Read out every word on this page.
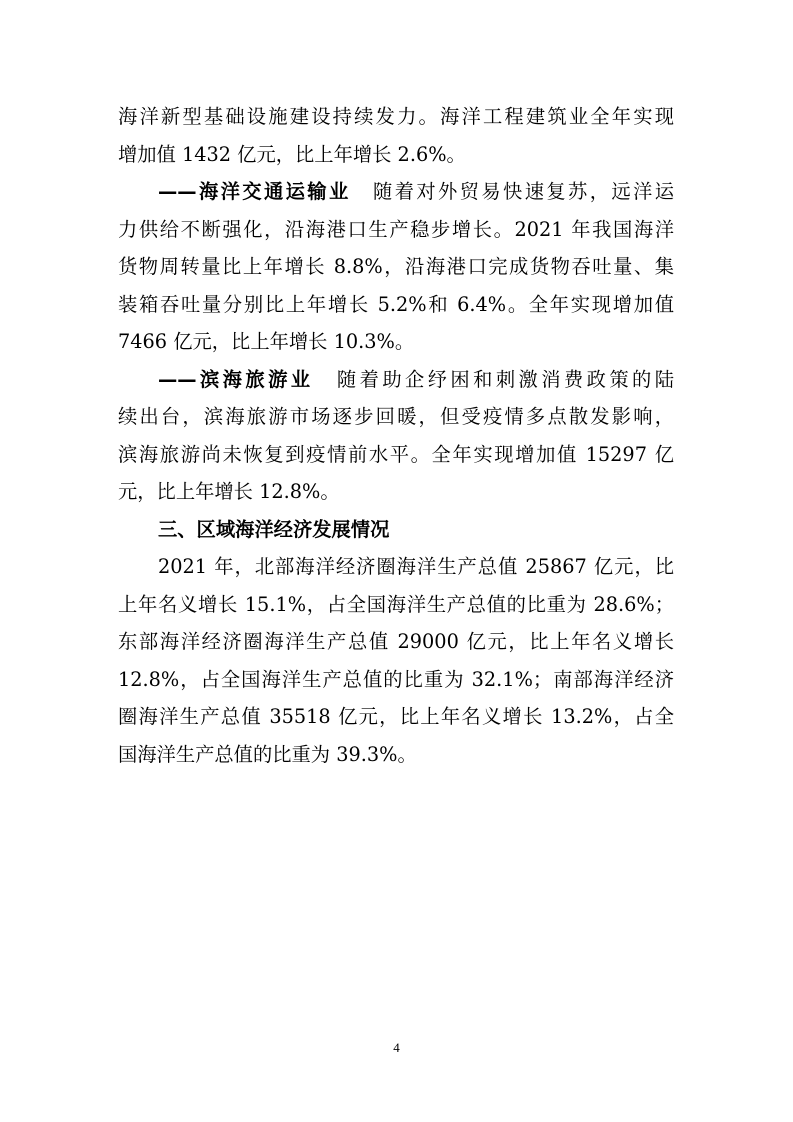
海洋新型基础设施建设持续发力。海洋工程建筑业全年实现
增加值 1432 亿元，比上年增长 2.6%。
——海洋交通运输业 随着对外贸易快速复苏，远洋运
力供给不断强化，沿海港口生产稳步增长。2021 年我国海洋
货物周转量比上年增长 8.8%，沿海港口完成货物吞吐量、集
装箱吞吐量分别比上年增长 5.2%和 6.4%。全年实现增加值
7466 亿元，比上年增长 10.3%。
——滨海旅游业 随着助企纾困和刺激消费政策的陆
续出台，滨海旅游市场逐步回暖，但受疫情多点散发影响，
滨海旅游尚未恢复到疫情前水平。全年实现增加值 15297 亿
元，比上年增长 12.8%。
三、区域海洋经济发展情况
2021 年，北部海洋经济圈海洋生产总值 25867 亿元，比
上年名义增长 15.1%，占全国海洋生产总值的比重为 28.6%；
东部海洋经济圈海洋生产总值 29000 亿元，比上年名义增长
12.8%，占全国海洋生产总值的比重为 32.1%；南部海洋经济
圈海洋生产总值 35518 亿元，比上年名义增长 13.2%，占全
国海洋生产总值的比重为 39.3%。
4
